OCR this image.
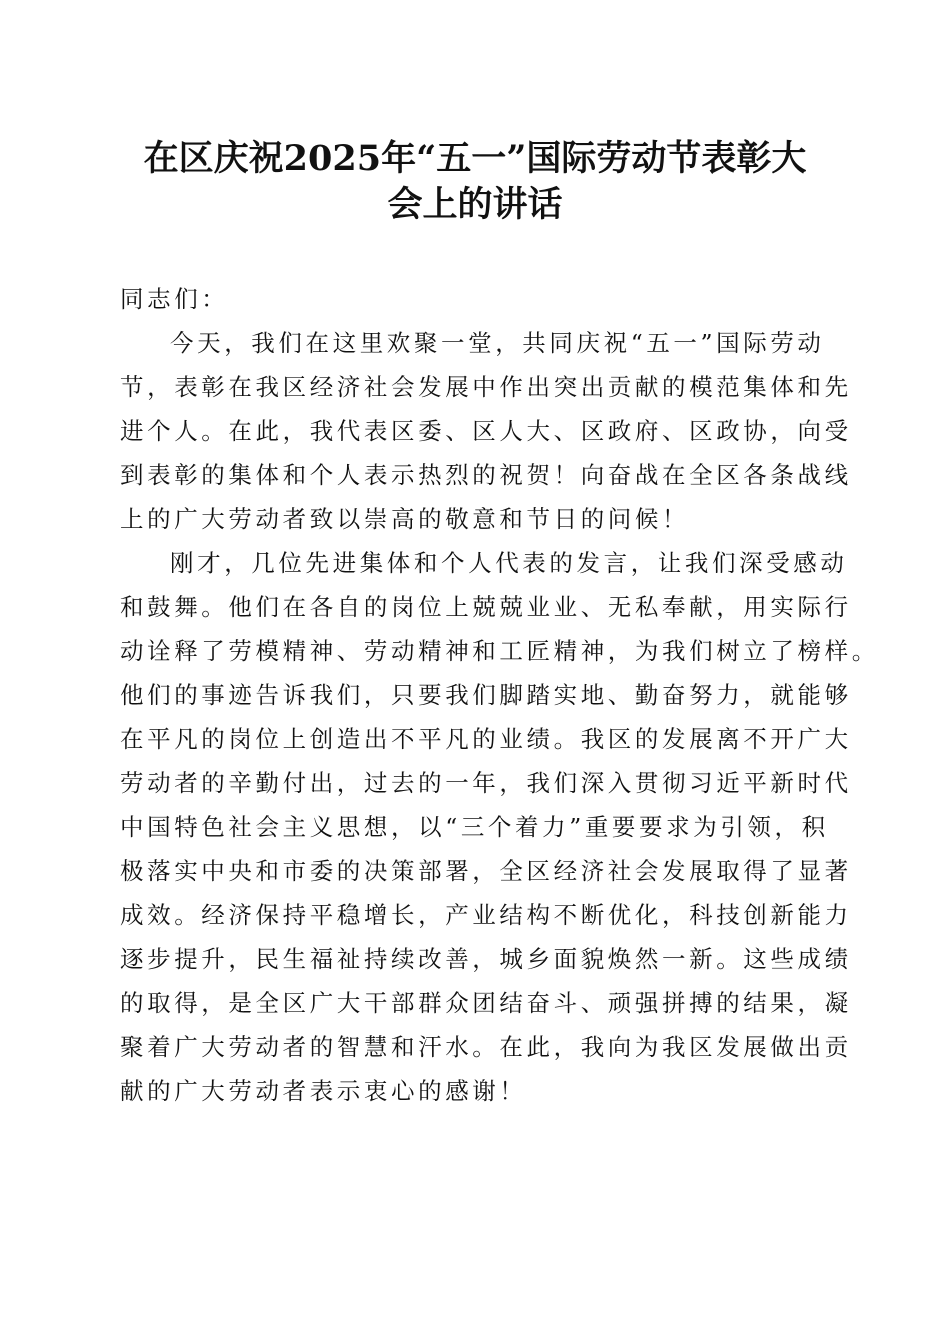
在区庆祝2025年“五一”国际劳动节表彰大
会上的讲话
同志们：
今天，我们在这里欢聚一堂，共同庆祝“五一”国际劳动
节，表彰在我区经济社会发展中作出突出贡献的模范集体和先
进个人。在此，我代表区委、区人大、区政府、区政协，向受
到表彰的集体和个人表示热烈的祝贺！向奋战在全区各条战线
上的广大劳动者致以崇高的敬意和节日的问候！
刚才，几位先进集体和个人代表的发言，让我们深受感动
和鼓舞。他们在各自的岗位上兢兢业业、无私奉献，用实际行
动诠释了劳模精神、劳动精神和工匠精神，为我们树立了榜样。
他们的事迹告诉我们，只要我们脚踏实地、勤奋努力，就能够
在平凡的岗位上创造出不平凡的业绩。我区的发展离不开广大
劳动者的辛勤付出，过去的一年，我们深入贯彻习近平新时代
中国特色社会主义思想，以“三个着力”重要要求为引领，积
极落实中央和市委的决策部署，全区经济社会发展取得了显著
成效。经济保持平稳增长，产业结构不断优化，科技创新能力
逐步提升，民生福祉持续改善，城乡面貌焕然一新。这些成绩
的取得，是全区广大干部群众团结奋斗、顽强拼搏的结果，凝
聚着广大劳动者的智慧和汗水。在此，我向为我区发展做出贡
献的广大劳动者表示衷心的感谢！
